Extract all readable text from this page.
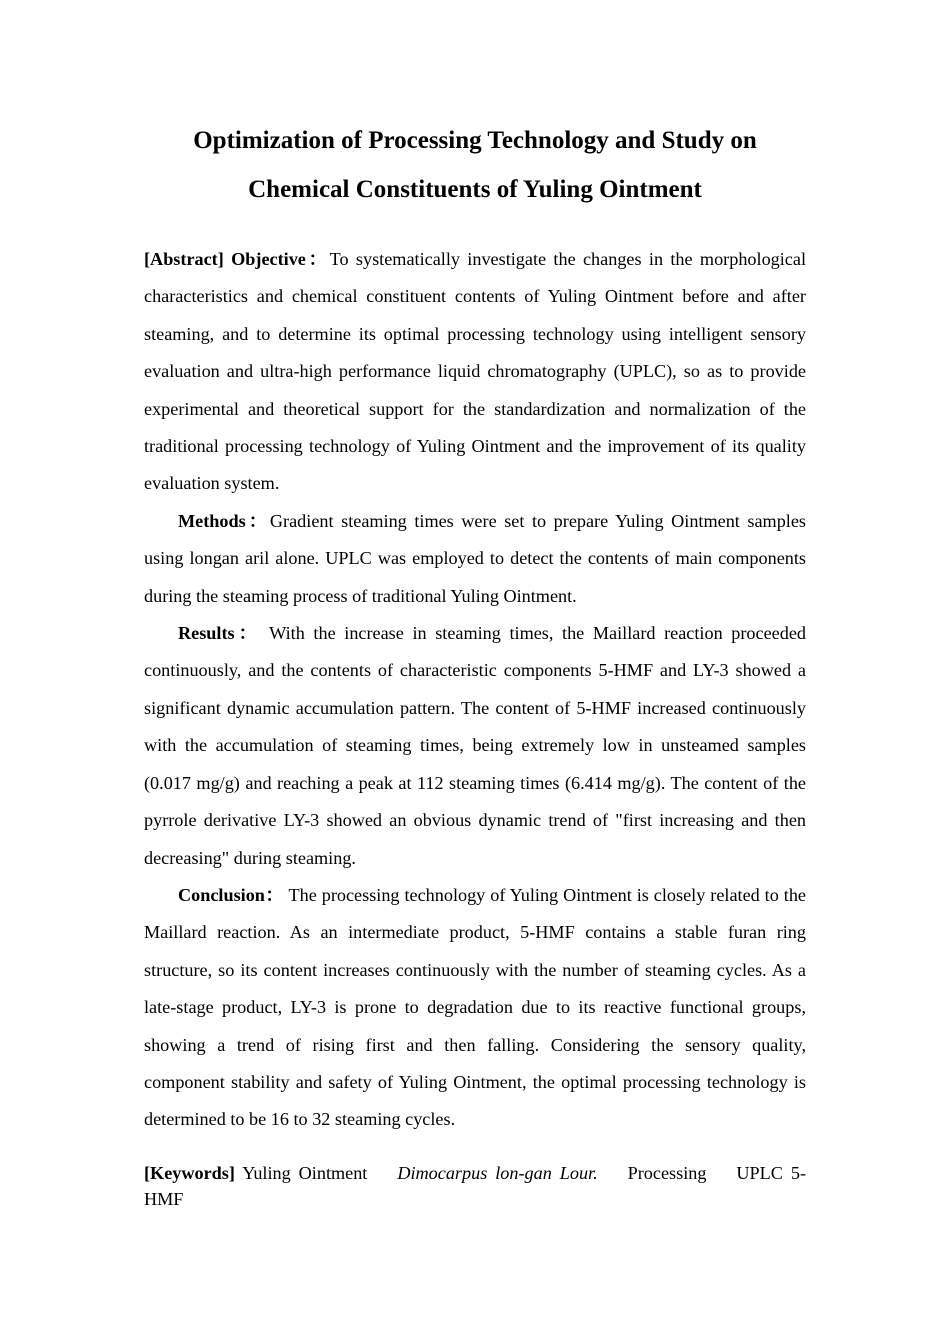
Optimization of Processing Technology and Study on
Chemical Constituents of Yuling Ointment

[Abstract] Objective：To systematically investigate the changes in the morphological characteristics and chemical constituent contents of Yuling Ointment before and after steaming, and to determine its optimal processing technology using intelligent sensory evaluation and ultra-high performance liquid chromatography (UPLC), so as to provide experimental and theoretical support for the standardization and normalization of the traditional processing technology of Yuling Ointment and the improvement of its quality evaluation system.

Methods：Gradient steaming times were set to prepare Yuling Ointment samples using longan aril alone. UPLC was employed to detect the contents of main components during the steaming process of traditional Yuling Ointment.

Results： With the increase in steaming times, the Maillard reaction proceeded continuously, and the contents of characteristic components 5-HMF and LY-3 showed a significant dynamic accumulation pattern. The content of 5-HMF increased continuously with the accumulation of steaming times, being extremely low in unsteamed samples (0.017 mg/g) and reaching a peak at 112 steaming times (6.414 mg/g). The content of the pyrrole derivative LY-3 showed an obvious dynamic trend of "first increasing and then decreasing" during steaming.

Conclusion： The processing technology of Yuling Ointment is closely related to the Maillard reaction. As an intermediate product, 5-HMF contains a stable furan ring structure, so its content increases continuously with the number of steaming cycles. As a late-stage product, LY-3 is prone to degradation due to its reactive functional groups, showing a trend of rising first and then falling. Considering the sensory quality, component stability and safety of Yuling Ointment, the optimal processing technology is determined to be 16 to 32 steaming cycles.

[Keywords] Yuling Ointment Dimocarpus lon-gan Lour. Processing UPLC 5-HMF
